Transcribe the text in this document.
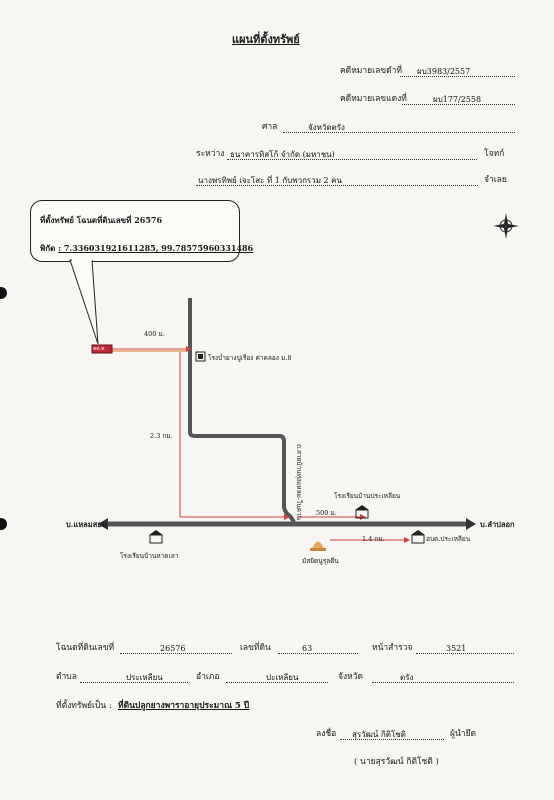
แผนที่ตั้งทรัพย์
คดีหมายเลขดำที่ ผบ3983/2557
คดีหมายเลขแดงที่	ผบ177/2558
ศาล	จังหวัดตรัง
ระหว่าง ธนาคารทิสโก้ จำกัด (มหาชน)	โจทก์
นางพรทิพย์ เจะโสะ ที่ 1 กับพวกรวม 2 คน	จำเลย
ที่ตั้งทรัพย์ โฉนดที่ดินเลขที่ 26576
พิกัด : 7.336031921611285, 99.78575960331486
คด.ท
400 ม.
โรงบ่ำยางปูเรือง ค่าคลอง ม.8
2.3 กม.
ถ.สายบ้านทุ่งแหลม-ในควน	โรงเรียนบ้านประเหลียน
500 ม.
บ.แหลมสอม	บ.ลำปลอก
1.4 กม.	อบต.ประเหลียน
โรงเรียนบ้านหาดเลา
มัสยิดนูรุลดีน
โฉนดที่ดินเลขที่	26576	เลขที่ดิน	63	หน้าสำรวจ	3521
ตำบล	ประเหลียน	อำเภอ	ปะเหลียน	จังหวัด	ตรัง
ที่ตั้งทรัพย์เป็น : ที่ดินปลูกยางพาราอายุประมาณ 5 ปี
ลงชื่อ สุรวัฒน์ กิติโชติ	ผู้นำยึด
( นายสุรวัฒน์ กิติโชติ )
